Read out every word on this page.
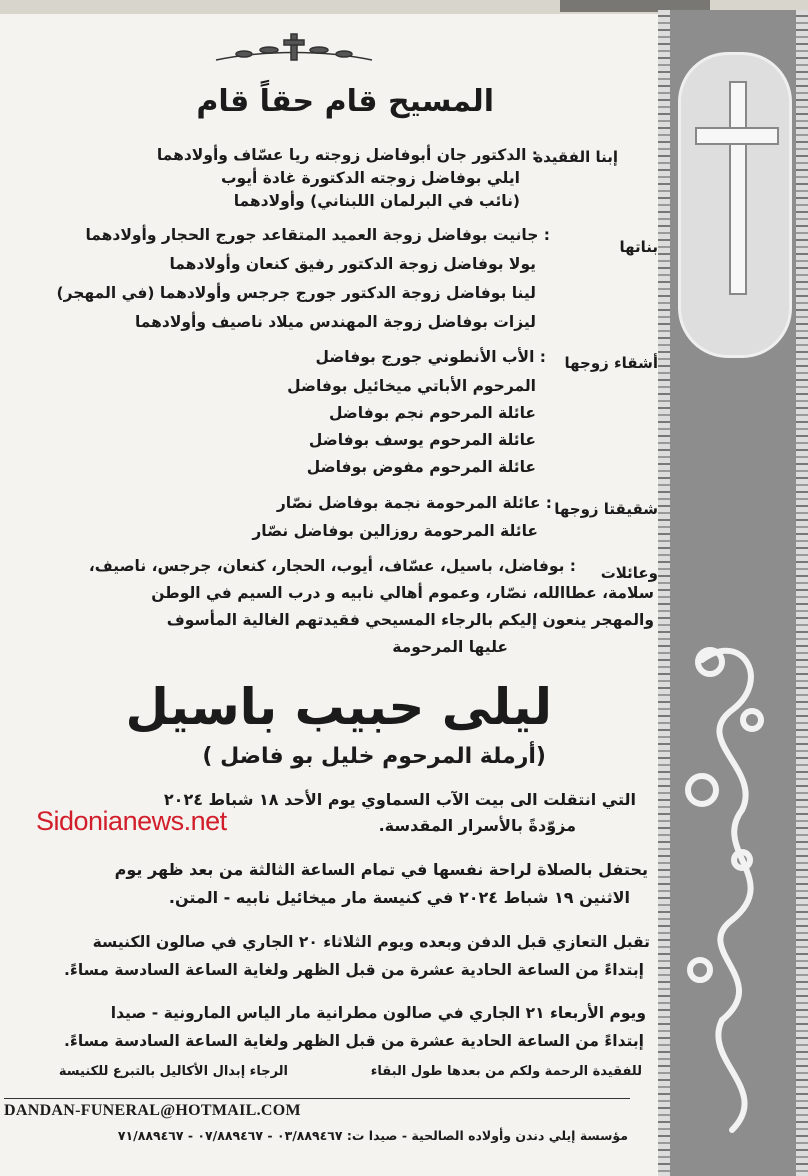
المسيح قام حقاً قام

إبنا الفقيدة

: الدكتور جان أبوفاضل زوجته ريا عسّاف وأولادهما

ايلي بوفاضل زوجته الدكتورة غادة أيوب

(نائب في البرلمان اللبناني) وأولادهما

بناتها

: جانيت بوفاضل زوجة العميد المتقاعد جورج الحجار وأولادهما

يولا بوفاضل زوجة الدكتور رفيق كنعان وأولادهما

لينا بوفاضل زوجة الدكتور جورج جرجس وأولادهما (في المهجر)

ليزات بوفاضل زوجة المهندس ميلاد ناصيف وأولادهما

أشقاء زوجها

: الأب الأنطوني جورج بوفاضل

المرحوم الأباتي ميخائيل بوفاضل

عائلة المرحوم نجم بوفاضل

عائلة المرحوم يوسف بوفاضل

عائلة المرحوم مفوض بوفاضل

شقيقتا زوجها

: عائلة المرحومة نجمة بوفاضل نصّار

عائلة المرحومة روزالين بوفاضل نصّار

وعائلات

: بوفاضل، باسيل، عسّاف، أيوب، الحجار، كنعان، جرجس، ناصيف،

سلامة، عطاالله، نصّار، وعموم أهالي نابيه و درب السيم في الوطن

والمهجر ينعون إليكم بالرجاء المسيحي فقيدتهم الغالية المأسوف

عليها المرحومة

ليلى حبيب باسيل

(أرملة المرحوم خليل بو فاضل )

التي انتقلت الى بيت الآب السماوي يوم الأحد ١٨ شباط ٢٠٢٤

مزوّدةً بالأسرار المقدسة.

Sidonianews.net

يحتفل بالصلاة لراحة نفسها في تمام الساعة الثالثة من بعد ظهر يوم

الاثنين ١٩ شباط ٢٠٢٤ في كنيسة مار ميخائيل نابيه - المتن.

تقبل التعازي قبل الدفن وبعده ويوم الثلاثاء ٢٠ الجاري في صالون الكنيسة

إبتداءً من الساعة الحادية عشرة من قبل الظهر ولغاية الساعة السادسة مساءً.

ويوم الأربعاء ٢١ الجاري في صالون مطرانية مار الياس المارونية - صيدا

إبتداءً من الساعة الحادية عشرة من قبل الظهر ولغاية الساعة السادسة مساءً.

للفقيدة الرحمة ولكم من بعدها طول البقاء

الرجاء إبدال الأكاليل بالتبرع للكنيسة

DANDAN-FUNERAL@HOTMAIL.COM

مؤسسة إيلي دندن وأولاده الصالحية - صيدا ت: ٠٣/٨٨٩٤٦٧ - ٠٧/٨٨٩٤٦٧ - ٧١/٨٨٩٤٦٧
